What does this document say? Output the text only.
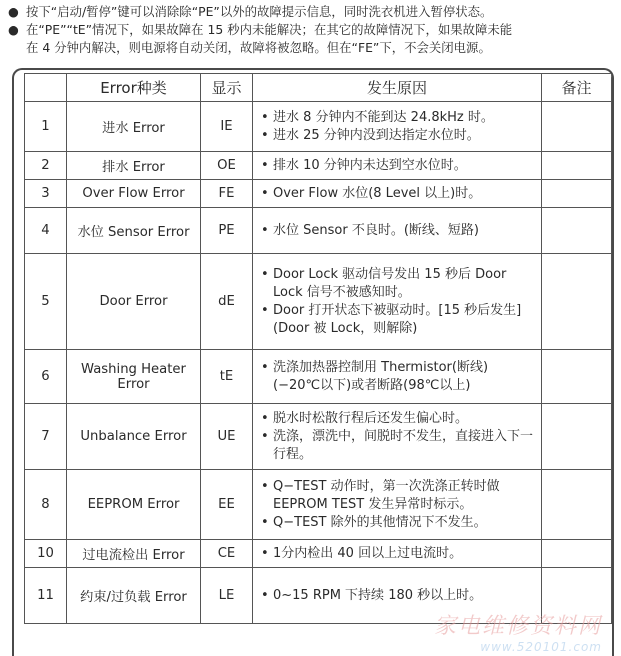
● 按下“启动/暂停”键可以消除除“PE”以外的故障提示信息，同时洗衣机进入暂停状态。
● 在“PE”“tE”情况下，如果故障在 15 秒内未能解决；在其它的故障情况下，如果故障未能
在 4 分钟内解决，则电源将自动关闭，故障将被忽略。但在“FE”下，不会关闭电源。
	Error种类	显示	发生原因	备注
1	进水 Error	IE	• 进水 8 分钟内不能到达 24.8kHz 时。
• 进水 25 分钟内没到达指定水位时。	

2	排水 Error	OE	• 排水 10 分钟内未达到空水位时。	

3	Over Flow Error	FE	• Over Flow 水位(8 Level 以上)时。	

4	水位 Sensor Error	PE	• 水位 Sensor 不良时。(断线、短路)	

5	Door Error	dE	• Door Lock 驱动信号发出 15 秒后 Door Lock 信号不被感知时。
• Door 打开状态下被驱动时。[15 秒后发生](Door 被 Lock，则解除)	

6	Washing Heater Error	tE	• 洗涤加热器控制用 Thermistor(断线)(−20℃以下)或者断路(98℃以上)	

7	Unbalance Error	UE	• 脱水时松散行程后还发生偏心时。
• 洗涤，漂洗中，间脱时不发生，直接进入下一行程。	

8	EEPROM Error	EE	• Q−TEST 动作时，第一次洗涤正转时做 EEPROM TEST 发生异常时标示。
• Q−TEST 除外的其他情况下不发生。	

10	过电流检出 Error	CE	• 1分内检出 40 回以上过电流时。	

11	约束/过负载 Error	LE	• 0~15 RPM 下持续 180 秒以上时。	

家电维修资料网
www.520101.com
